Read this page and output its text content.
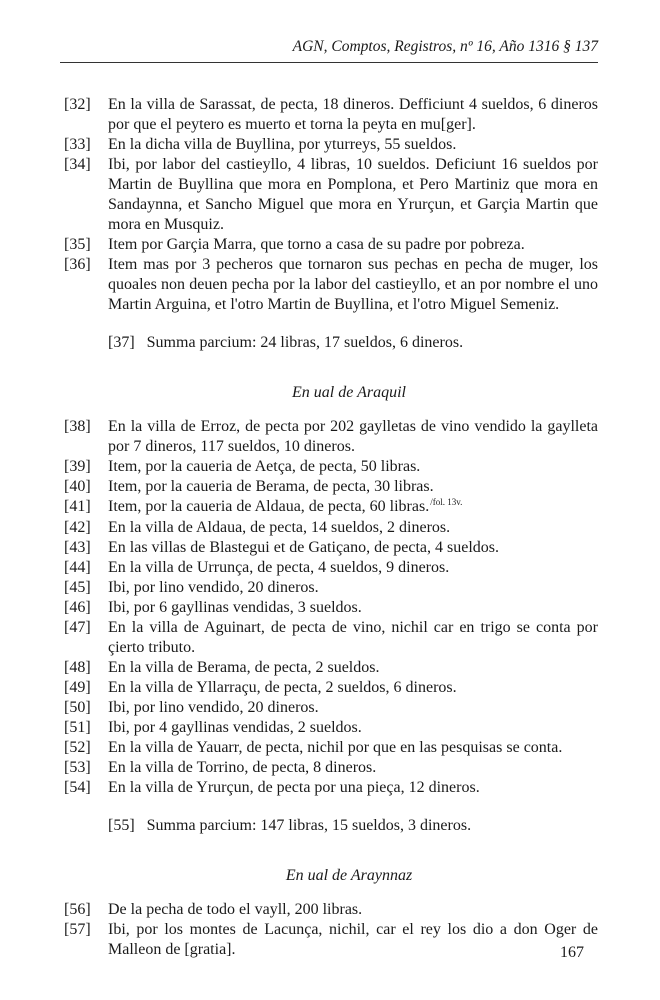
AGN, Comptos, Registros, nº 16, Año 1316 § 137
[32]	En la villa de Sarassat, de pecta, 18 dineros. Defficiunt 4 sueldos, 6 dineros por que el peytero es muerto et torna la peyta en mu[ger].
[33]	En la dicha villa de Buyllina, por yturreys, 55 sueldos.
[34]	Ibi, por labor del castieyllo, 4 libras, 10 sueldos. Deficiunt 16 sueldos por Martin de Buyllina que mora en Pomplona, et Pero Martiniz que mora en Sandaynna, et Sancho Miguel que mora en Yrurçun, et Garçia Martin que mora en Musquiz.
[35]	Item por Garçia Marra, que torno a casa de su padre por pobreza.
[36]	Item mas por 3 pecheros que tornaron sus pechas en pecha de muger, los quoales non deuen pecha por la labor del castieyllo, et an por nombre el uno Martin Arguina, et l'otro Martin de Buyllina, et l'otro Miguel Semeniz.
[37] Summa parcium: 24 libras, 17 sueldos, 6 dineros.
En ual de Araquil
[38]	En la villa de Erroz, de pecta por 202 gaylletas de vino vendido la gaylleta por 7 dineros, 117 sueldos, 10 dineros.
[39]	Item, por la caueria de Aetça, de pecta, 50 libras.
[40]	Item, por la caueria de Berama, de pecta, 30 libras.
[41]	Item, por la caueria de Aldaua, de pecta, 60 libras.$^{/fol. 13v.}$
[42]	En la villa de Aldaua, de pecta, 14 sueldos, 2 dineros.
[43]	En las villas de Blastegui et de Gatiçano, de pecta, 4 sueldos.
[44]	En la villa de Urrunça, de pecta, 4 sueldos, 9 dineros.
[45]	Ibi, por lino vendido, 20 dineros.
[46]	Ibi, por 6 gayllinas vendidas, 3 sueldos.
[47]	En la villa de Aguinart, de pecta de vino, nichil car en trigo se conta por çierto tributo.
[48]	En la villa de Berama, de pecta, 2 sueldos.
[49]	En la villa de Yllarraçu, de pecta, 2 sueldos, 6 dineros.
[50]	Ibi, por lino vendido, 20 dineros.
[51]	Ibi, por 4 gayllinas vendidas, 2 sueldos.
[52]	En la villa de Yauarr, de pecta, nichil por que en las pesquisas se conta.
[53]	En la villa de Torrino, de pecta, 8 dineros.
[54]	En la villa de Yrurçun, de pecta por una pieça, 12 dineros.
[55] Summa parcium: 147 libras, 15 sueldos, 3 dineros.
En ual de Araynnaz
[56]	De la pecha de todo el vayll, 200 libras.
[57]	Ibi, por los montes de Lacunça, nichil, car el rey los dio a don Oger de Malleon de [gratia].	167
